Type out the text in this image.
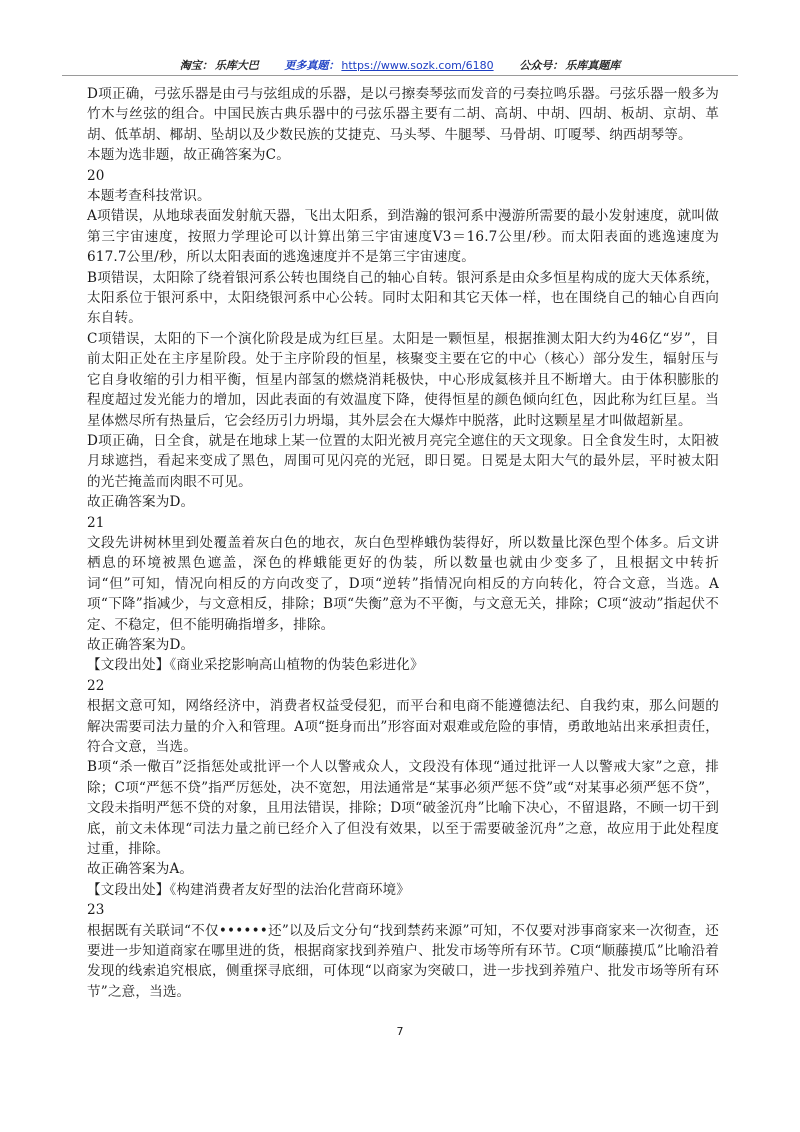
淘宝： 乐库大巴 更多真题： https://www.sozk.com/6180 公众号： 乐库真题库

D项正确，弓弦乐器是由弓与弦组成的乐器，是以弓擦奏琴弦而发音的弓奏拉鸣乐器。弓弦乐器一般多为竹木与丝弦的组合。中国民族古典乐器中的弓弦乐器主要有二胡、高胡、中胡、四胡、板胡、京胡、革胡、低革胡、椰胡、坠胡以及少数民族的艾捷克、马头琴、牛腿琴、马骨胡、叮嗄琴、纳西胡琴等。

本题为选非题，故正确答案为C。

20

本题考查科技常识。

A项错误，从地球表面发射航天器，飞出太阳系，到浩瀚的银河系中漫游所需要的最小发射速度，就叫做第三宇宙速度，按照力学理论可以计算出第三宇宙速度V3＝16.7公里/秒。而太阳表面的逃逸速度为617.7公里/秒，所以太阳表面的逃逸速度并不是第三宇宙速度。

B项错误，太阳除了绕着银河系公转也围绕自己的轴心自转。银河系是由众多恒星构成的庞大天体系统，太阳系位于银河系中，太阳绕银河系中心公转。同时太阳和其它天体一样，也在围绕自己的轴心自西向东自转。

C项错误，太阳的下一个演化阶段是成为红巨星。太阳是一颗恒星，根据推测太阳大约为46亿“岁”，目前太阳正处在主序星阶段。处于主序阶段的恒星，核聚变主要在它的中心（核心）部分发生，辐射压与它自身收缩的引力相平衡，恒星内部氢的燃烧消耗极快，中心形成氦核并且不断增大。由于体积膨胀的程度超过发光能力的增加，因此表面的有效温度下降，使得恒星的颜色倾向红色，因此称为红巨星。当星体燃尽所有热量后，它会经历引力坍塌，其外层会在大爆炸中脱落，此时这颗星星才叫做超新星。

D项正确，日全食，就是在地球上某一位置的太阳光被月亮完全遮住的天文现象。日全食发生时，太阳被月球遮挡，看起来变成了黑色，周围可见闪亮的光冠，即日冕。日冕是太阳大气的最外层，平时被太阳的光芒掩盖而肉眼不可见。

故正确答案为D。

21

文段先讲树林里到处覆盖着灰白色的地衣，灰白色型桦蛾伪装得好，所以数量比深色型个体多。后文讲栖息的环境被黑色遮盖，深色的桦蛾能更好的伪装，所以数量也就由少变多了，且根据文中转折词“但”可知，情况向相反的方向改变了，D项“逆转”指情况向相反的方向转化，符合文意，当选。A项“下降”指减少，与文意相反，排除；B项“失衡”意为不平衡，与文意无关，排除；C项“波动”指起伏不定、不稳定，但不能明确指增多，排除。

故正确答案为D。

【文段出处】《商业采挖影响高山植物的伪装色彩进化》

22

根据文意可知，网络经济中，消费者权益受侵犯，而平台和电商不能遵德法纪、自我约束，那么问题的解决需要司法力量的介入和管理。A项“挺身而出”形容面对艰难或危险的事情，勇敢地站出来承担责任，符合文意，当选。

B项“杀一儆百”泛指惩处或批评一个人以警戒众人，文段没有体现“通过批评一人以警戒大家”之意，排除；C项“严惩不贷”指严厉惩处，决不宽恕，用法通常是“某事必须严惩不贷”或“对某事必须严惩不贷”，文段未指明严惩不贷的对象，且用法错误，排除；D项“破釜沉舟”比喻下决心，不留退路，不顾一切干到底，前文未体现“司法力量之前已经介入了但没有效果，以至于需要破釜沉舟”之意，故应用于此处程度过重，排除。

故正确答案为A。

【文段出处】《构建消费者友好型的法治化营商环境》

23

根据既有关联词“不仅••••••还”以及后文分句“找到禁药来源”可知，不仅要对涉事商家来一次彻查，还要进一步知道商家在哪里进的货，根据商家找到养殖户、批发市场等所有环节。C项“顺藤摸瓜”比喻沿着发现的线索追究根底，侧重探寻底细，可体现“以商家为突破口，进一步找到养殖户、批发市场等所有环节”之意，当选。

7
